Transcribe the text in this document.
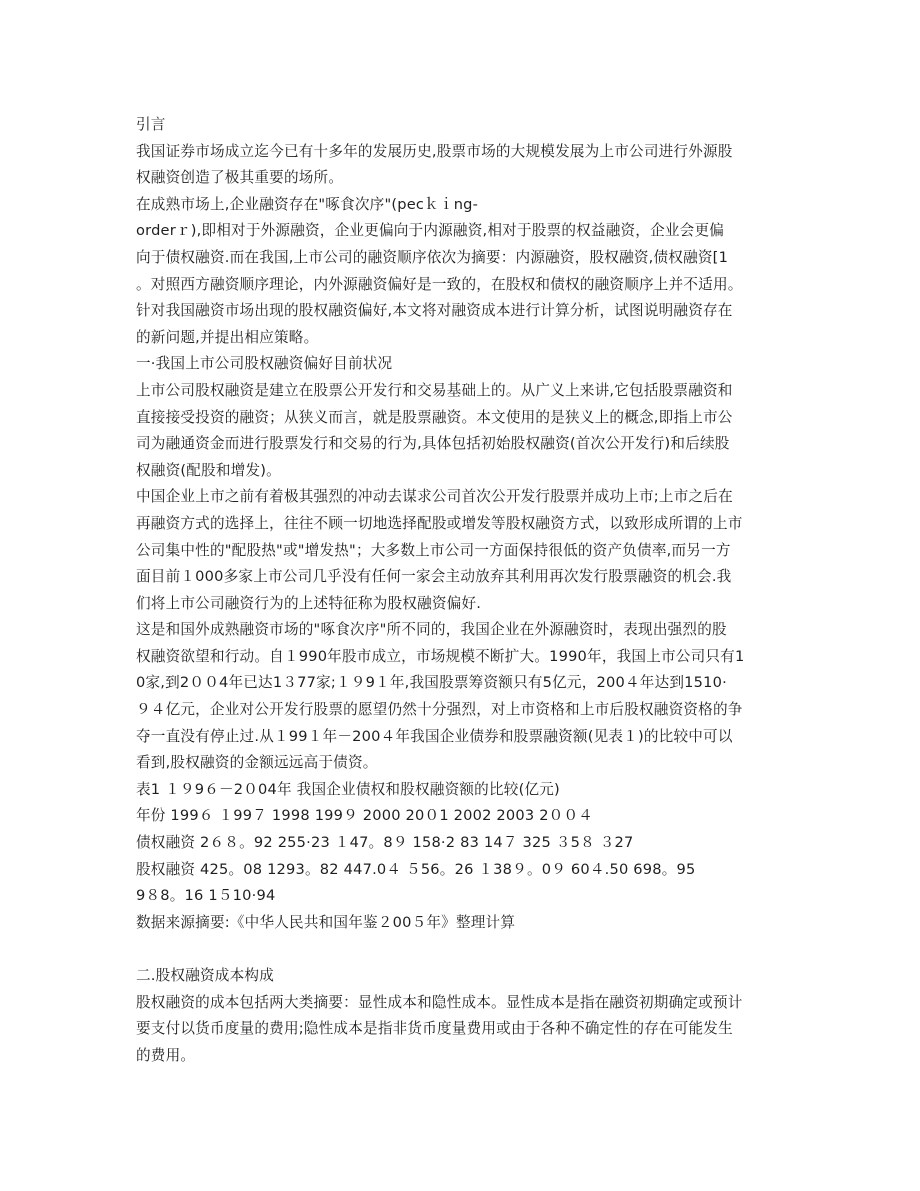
引言
我国证券市场成立迄今已有十多年的发展历史,股票市场的大规模发展为上市公司进行外源股
权融资创造了极其重要的场所。
在成熟市场上,企业融资存在"啄食次序"(pecｋｉng-
orderｒ),即相对于外源融资，企业更偏向于内源融资,相对于股票的权益融资，企业会更偏
向于债权融资.而在我国,上市公司的融资顺序依次为摘要：内源融资，股权融资,债权融资[1
。对照西方融资顺序理论，内外源融资偏好是一致的，在股权和债权的融资顺序上并不适用。
针对我国融资市场出现的股权融资偏好,本文将对融资成本进行计算分析，试图说明融资存在
的新问题,并提出相应策略。
一·我国上市公司股权融资偏好目前状况
上市公司股权融资是建立在股票公开发行和交易基础上的。从广义上来讲,它包括股票融资和
直接接受投资的融资；从狭义而言，就是股票融资。本文使用的是狭义上的概念,即指上市公
司为融通资金而进行股票发行和交易的行为,具体包括初始股权融资(首次公开发行)和后续股
权融资(配股和增发)。
中国企业上市之前有着极其强烈的冲动去谋求公司首次公开发行股票并成功上市;上市之后在
再融资方式的选择上，往往不顾一切地选择配股或增发等股权融资方式，以致形成所谓的上市
公司集中性的"配股热"或"增发热"；大多数上市公司一方面保持很低的资产负债率,而另一方
面目前１000多家上市公司几乎没有任何一家会主动放弃其利用再次发行股票融资的机会.我
们将上市公司融资行为的上述特征称为股权融资偏好.
这是和国外成熟融资市场的"啄食次序"所不同的，我国企业在外源融资时，表现出强烈的股
权融资欲望和行动。自１990年股市成立，市场规模不断扩大。1990年，我国上市公司只有1
0家,到2００4年已达1３77家;１９9１年,我国股票筹资额只有5亿元，200４年达到1510·
９４亿元，企业对公开发行股票的愿望仍然十分强烈，对上市资格和上市后股权融资资格的争
夺一直没有停止过.从１99１年－200４年我国企业债券和股票融资额(见表１)的比较中可以
看到,股权融资的金额远远高于债资。
表1 １９9６－2０04年 我国企业债权和股权融资额的比较(亿元)
年份 199６ １99７ 1998 199９ 2000 20０1 2002 2003 2００４
债权融资 2６８。92 255·23 １47。8９ 158·2 83 14７ 325 ３5８ ３27
股权融资 425。08 1293。82 447.0４ ５56。26 １38９。0９ 60４.50 698。95
9８8。16 1５10·94
数据来源摘要:《中华人民共和国年鉴２00５年》整理计算
二.股权融资成本构成
股权融资的成本包括两大类摘要：显性成本和隐性成本。显性成本是指在融资初期确定或预计
要支付以货币度量的费用;隐性成本是指非货币度量费用或由于各种不确定性的存在可能发生
的费用。
